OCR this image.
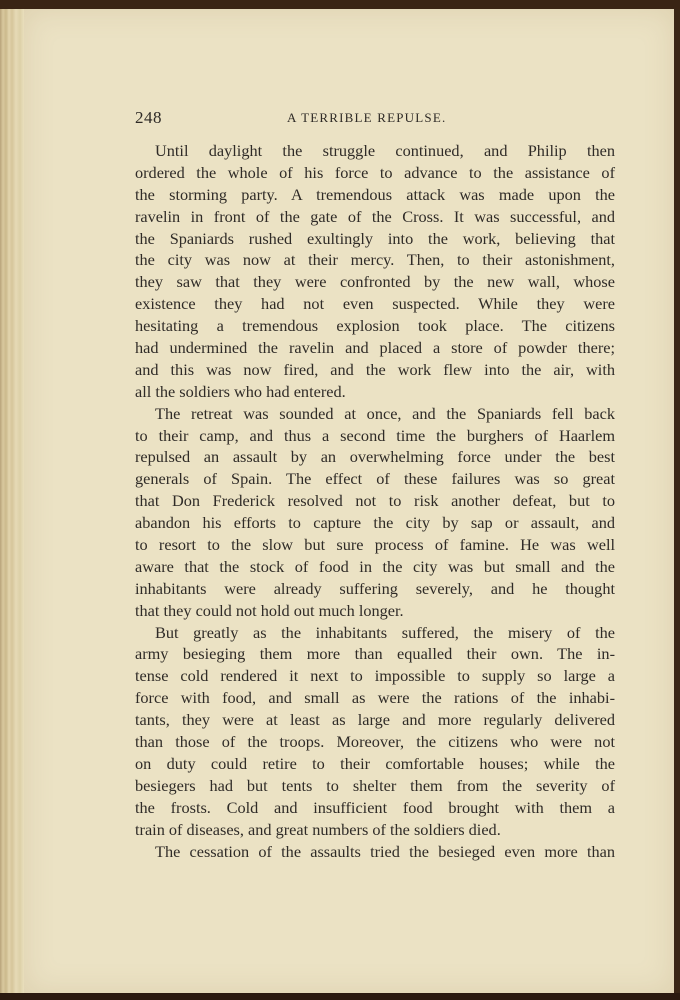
248	A TERRIBLE REPULSE.
Until daylight the struggle continued, and Philip then
ordered the whole of his force to advance to the assistance of
the storming party. A tremendous attack was made upon the
ravelin in front of the gate of the Cross. It was successful, and
the Spaniards rushed exultingly into the work, believing that
the city was now at their mercy. Then, to their astonishment,
they saw that they were confronted by the new wall, whose
existence they had not even suspected. While they were
hesitating a tremendous explosion took place. The citizens
had undermined the ravelin and placed a store of powder there;
and this was now fired, and the work flew into the air, with
all the soldiers who had entered.
The retreat was sounded at once, and the Spaniards fell back
to their camp, and thus a second time the burghers of Haarlem
repulsed an assault by an overwhelming force under the best
generals of Spain. The effect of these failures was so great
that Don Frederick resolved not to risk another defeat, but to
abandon his efforts to capture the city by sap or assault, and
to resort to the slow but sure process of famine. He was well
aware that the stock of food in the city was but small and the
inhabitants were already suffering severely, and he thought
that they could not hold out much longer.
But greatly as the inhabitants suffered, the misery of the
army besieging them more than equalled their own. The in-
tense cold rendered it next to impossible to supply so large a
force with food, and small as were the rations of the inhabi-
tants, they were at least as large and more regularly delivered
than those of the troops. Moreover, the citizens who were not
on duty could retire to their comfortable houses; while the
besiegers had but tents to shelter them from the severity of
the frosts. Cold and insufficient food brought with them a
train of diseases, and great numbers of the soldiers died.
The cessation of the assaults tried the besieged even more than
